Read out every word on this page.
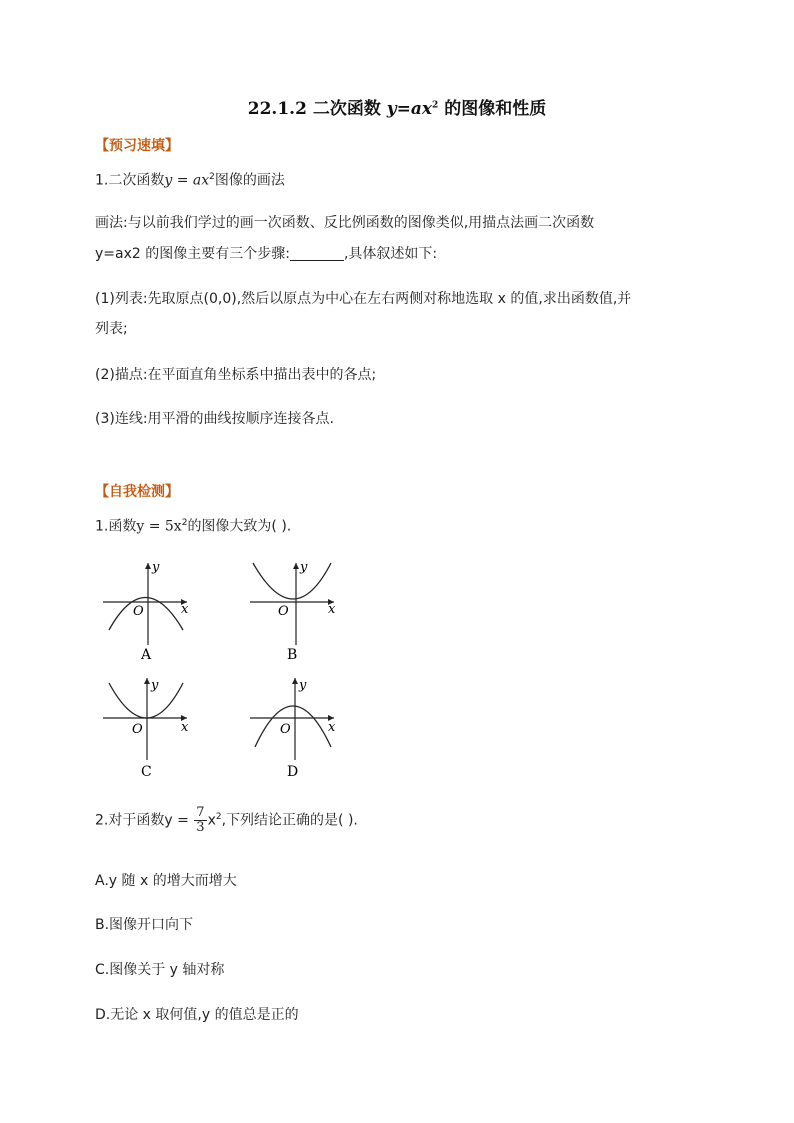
22.1.2 二次函数 $y=ax^2$ 的图像和性质
【预习速填】
1.二次函数$y = ax^2$图像的画法
画法:与以前我们学过的画一次函数、反比例函数的图像类似,用描点法画二次函数
y=ax2 的图像主要有三个步骤:	,具体叙述如下:
(1)列表:先取原点(0,0),然后以原点为中心在左右两侧对称地选取 x 的值,求出函数值,并
列表;
(2)描点:在平面直角坐标系中描出表中的各点;
(3)连线:用平滑的曲线按顺序连接各点.
【自我检测】
1.函数$y = 5x^2$的图像大致为( ).
y
x
O
A
y
x
O
B
y
x
O
C
y
x
O
D
2.对于函数$y = \frac{7}{3} x^2$,下列结论正确的是( ).
A.y 随 x 的增大而增大
B.图像开口向下
C.图像关于 y 轴对称
D.无论 x 取何值,y 的值总是正的
